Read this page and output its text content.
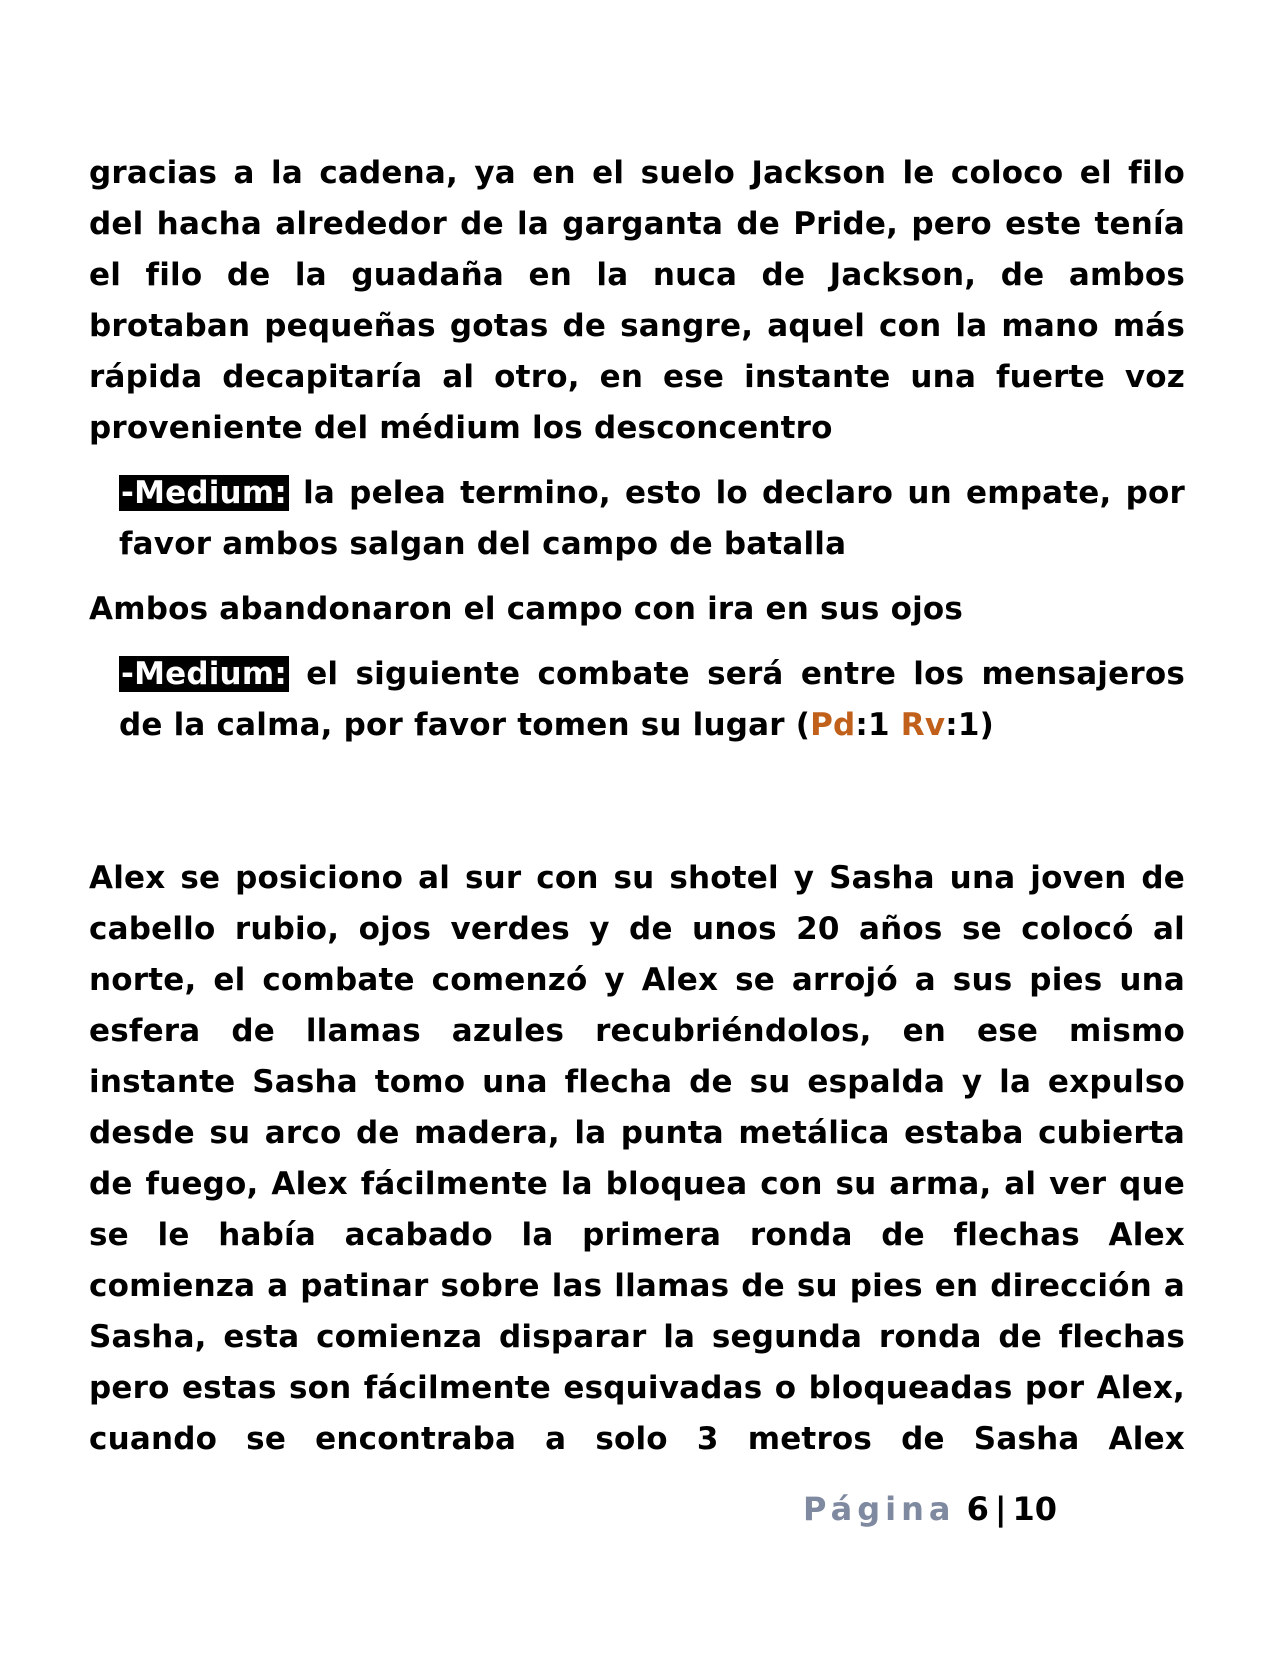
gracias a la cadena, ya en el suelo Jackson le coloco el filo del hacha alrededor de la garganta de Pride, pero este tenía el filo de la guadaña en la nuca de Jackson, de ambos brotaban pequeñas gotas de sangre, aquel con la mano más rápida decapitaría al otro, en ese instante una fuerte voz proveniente del médium los desconcentro

-Medium: la pelea termino, esto lo declaro un empate, por favor ambos salgan del campo de batalla

Ambos abandonaron el campo con ira en sus ojos

-Medium: el siguiente combate será entre los mensajeros de la calma, por favor tomen su lugar (Pd:1 Rv:1)

Alex se posiciono al sur con su shotel y Sasha una joven de cabello rubio, ojos verdes y de unos 20 años se colocó al norte, el combate comenzó y Alex se arrojó a sus pies una esfera de llamas azules recubriéndolos, en ese mismo instante Sasha tomo una flecha de su espalda y la expulso desde su arco de madera, la punta metálica estaba cubierta de fuego, Alex fácilmente la bloquea con su arma, al ver que se le había acabado la primera ronda de flechas Alex comienza a patinar sobre las llamas de su pies en dirección a Sasha, esta comienza disparar la segunda ronda de flechas pero estas son fácilmente esquivadas o bloqueadas por Alex, cuando se encontraba a solo 3 metros de Sasha Alex

Página 6 | 10
